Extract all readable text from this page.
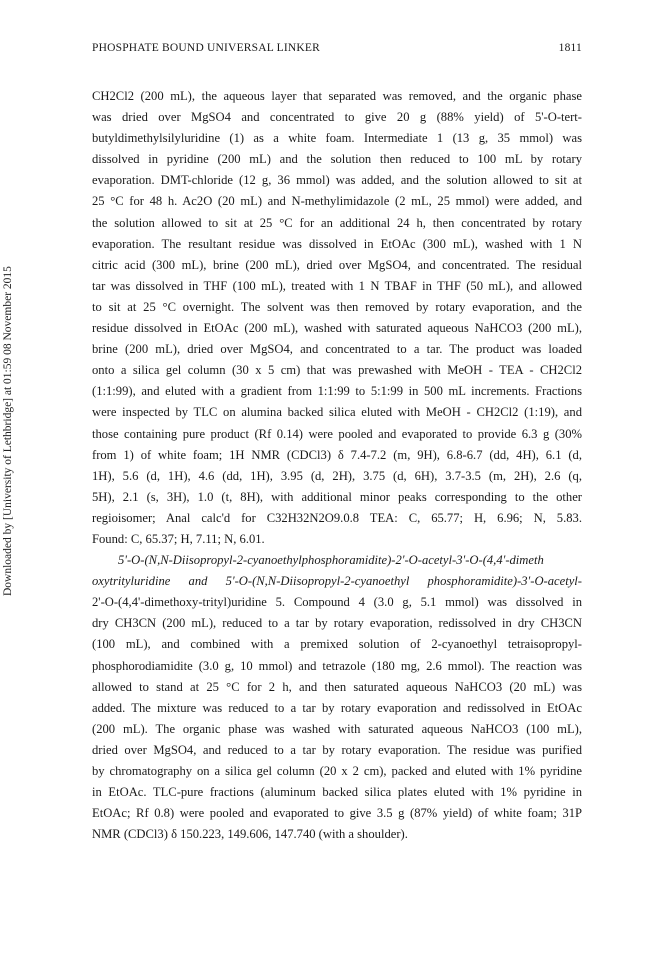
PHOSPHATE BOUND UNIVERSAL LINKER	1811
Downloaded by [University of Lethbridge] at 01:59 08 November 2015
CH2Cl2 (200 mL), the aqueous layer that separated was removed, and the organic phase
was dried over MgSO4 and concentrated to give 20 g (88% yield) of 5'-O-tert-
butyldimethylsilyluridine (1) as a white foam. Intermediate 1 (13 g, 35 mmol) was
dissolved in pyridine (200 mL) and the solution then reduced to 100 mL by rotary
evaporation. DMT-chloride (12 g, 36 mmol) was added, and the solution allowed to sit at
25 °C for 48 h. Ac2O (20 mL) and N-methylimidazole (2 mL, 25 mmol) were added, and
the solution allowed to sit at 25 °C for an additional 24 h, then concentrated by rotary
evaporation. The resultant residue was dissolved in EtOAc (300 mL), washed with 1 N
citric acid (300 mL), brine (200 mL), dried over MgSO4, and concentrated. The residual
tar was dissolved in THF (100 mL), treated with 1 N TBAF in THF (50 mL), and allowed
to sit at 25 °C overnight. The solvent was then removed by rotary evaporation, and the
residue dissolved in EtOAc (200 mL), washed with saturated aqueous NaHCO3 (200 mL),
brine (200 mL), dried over MgSO4, and concentrated to a tar. The product was loaded
onto a silica gel column (30 x 5 cm) that was prewashed with MeOH - TEA - CH2Cl2
(1:1:99), and eluted with a gradient from 1:1:99 to 5:1:99 in 500 mL increments. Fractions
were inspected by TLC on alumina backed silica eluted with MeOH - CH2Cl2 (1:19), and
those containing pure product (Rf 0.14) were pooled and evaporated to provide 6.3 g (30%
from 1) of white foam; 1H NMR (CDCl3) δ 7.4-7.2 (m, 9H), 6.8-6.7 (dd, 4H), 6.1 (d,
1H), 5.6 (d, 1H), 4.6 (dd, 1H), 3.95 (d, 2H), 3.75 (d, 6H), 3.7-3.5 (m, 2H), 2.6 (q,
5H), 2.1 (s, 3H), 1.0 (t, 8H), with additional minor peaks corresponding to the other
regioisomer; Anal calc'd for C32H32N2O9.0.8 TEA: C, 65.77; H, 6.96; N, 5.83.
Found: C, 65.37; H, 7.11; N, 6.01.
5'-O-(N,N-Diisopropyl-2-cyanoethylphosphoramidite)-2'-O-acetyl-3'-O-(4,4'-dimeth
oxytrityluridine and 5'-O-(N,N-Diisopropyl-2-cyanoethyl phosphoramidite)-3'-O-acetyl-
2'-O-(4,4'-dimethoxy-trityl)uridine 5. Compound 4 (3.0 g, 5.1 mmol) was dissolved in
dry CH3CN (200 mL), reduced to a tar by rotary evaporation, redissolved in dry CH3CN
(100 mL), and combined with a premixed solution of 2-cyanoethyl tetraisopropyl-
phosphorodiamidite (3.0 g, 10 mmol) and tetrazole (180 mg, 2.6 mmol). The reaction was
allowed to stand at 25 °C for 2 h, and then saturated aqueous NaHCO3 (20 mL) was
added. The mixture was reduced to a tar by rotary evaporation and redissolved in EtOAc
(200 mL). The organic phase was washed with saturated aqueous NaHCO3 (100 mL),
dried over MgSO4, and reduced to a tar by rotary evaporation. The residue was purified
by chromatography on a silica gel column (20 x 2 cm), packed and eluted with 1% pyridine
in EtOAc. TLC-pure fractions (aluminum backed silica plates eluted with 1% pyridine in
EtOAc; Rf 0.8) were pooled and evaporated to give 3.5 g (87% yield) of white foam; 31P
NMR (CDCl3) δ 150.223, 149.606, 147.740 (with a shoulder).
